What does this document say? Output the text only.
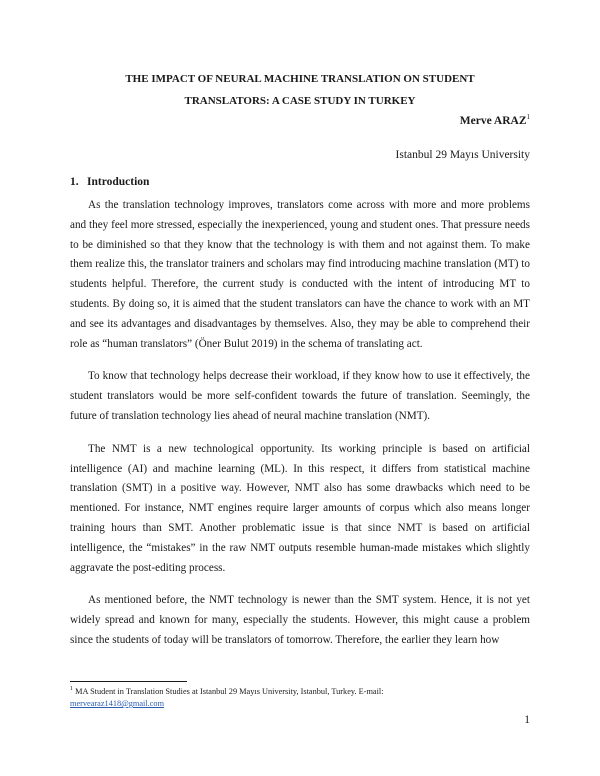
THE IMPACT OF NEURAL MACHINE TRANSLATION ON STUDENT
TRANSLATORS: A CASE STUDY IN TURKEY
Merve ARAZ$^1$
Istanbul 29 Mayıs University
1. Introduction

As the translation technology improves, translators come across with more and more problems and they feel more stressed, especially the inexperienced, young and student ones. That pressure needs to be diminished so that they know that the technology is with them and not against them. To make them realize this, the translator trainers and scholars may find introducing machine translation (MT) to students helpful. Therefore, the current study is conducted with the intent of introducing MT to students. By doing so, it is aimed that the student translators can have the chance to work with an MT and see its advantages and disadvantages by themselves. Also, they may be able to comprehend their role as “human translators” (Öner Bulut 2019) in the schema of translating act.

To know that technology helps decrease their workload, if they know how to use it effectively, the student translators would be more self-confident towards the future of translation. Seemingly, the future of translation technology lies ahead of neural machine translation (NMT).

The NMT is a new technological opportunity. Its working principle is based on artificial intelligence (AI) and machine learning (ML). In this respect, it differs from statistical machine translation (SMT) in a positive way. However, NMT also has some drawbacks which need to be mentioned. For instance, NMT engines require larger amounts of corpus which also means longer training hours than SMT. Another problematic issue is that since NMT is based on artificial intelligence, the “mistakes” in the raw NMT outputs resemble human-made mistakes which slightly aggravate the post-editing process.

As mentioned before, the NMT technology is newer than the SMT system. Hence, it is not yet widely spread and known for many, especially the students. However, this might cause a problem since the students of today will be translators of tomorrow. Therefore, the earlier they learn how

$^1$ MA Student in Translation Studies at Istanbul 29 Mayıs University, Istanbul, Turkey. E-mail:
mervearaz1418@gmail.com
1
